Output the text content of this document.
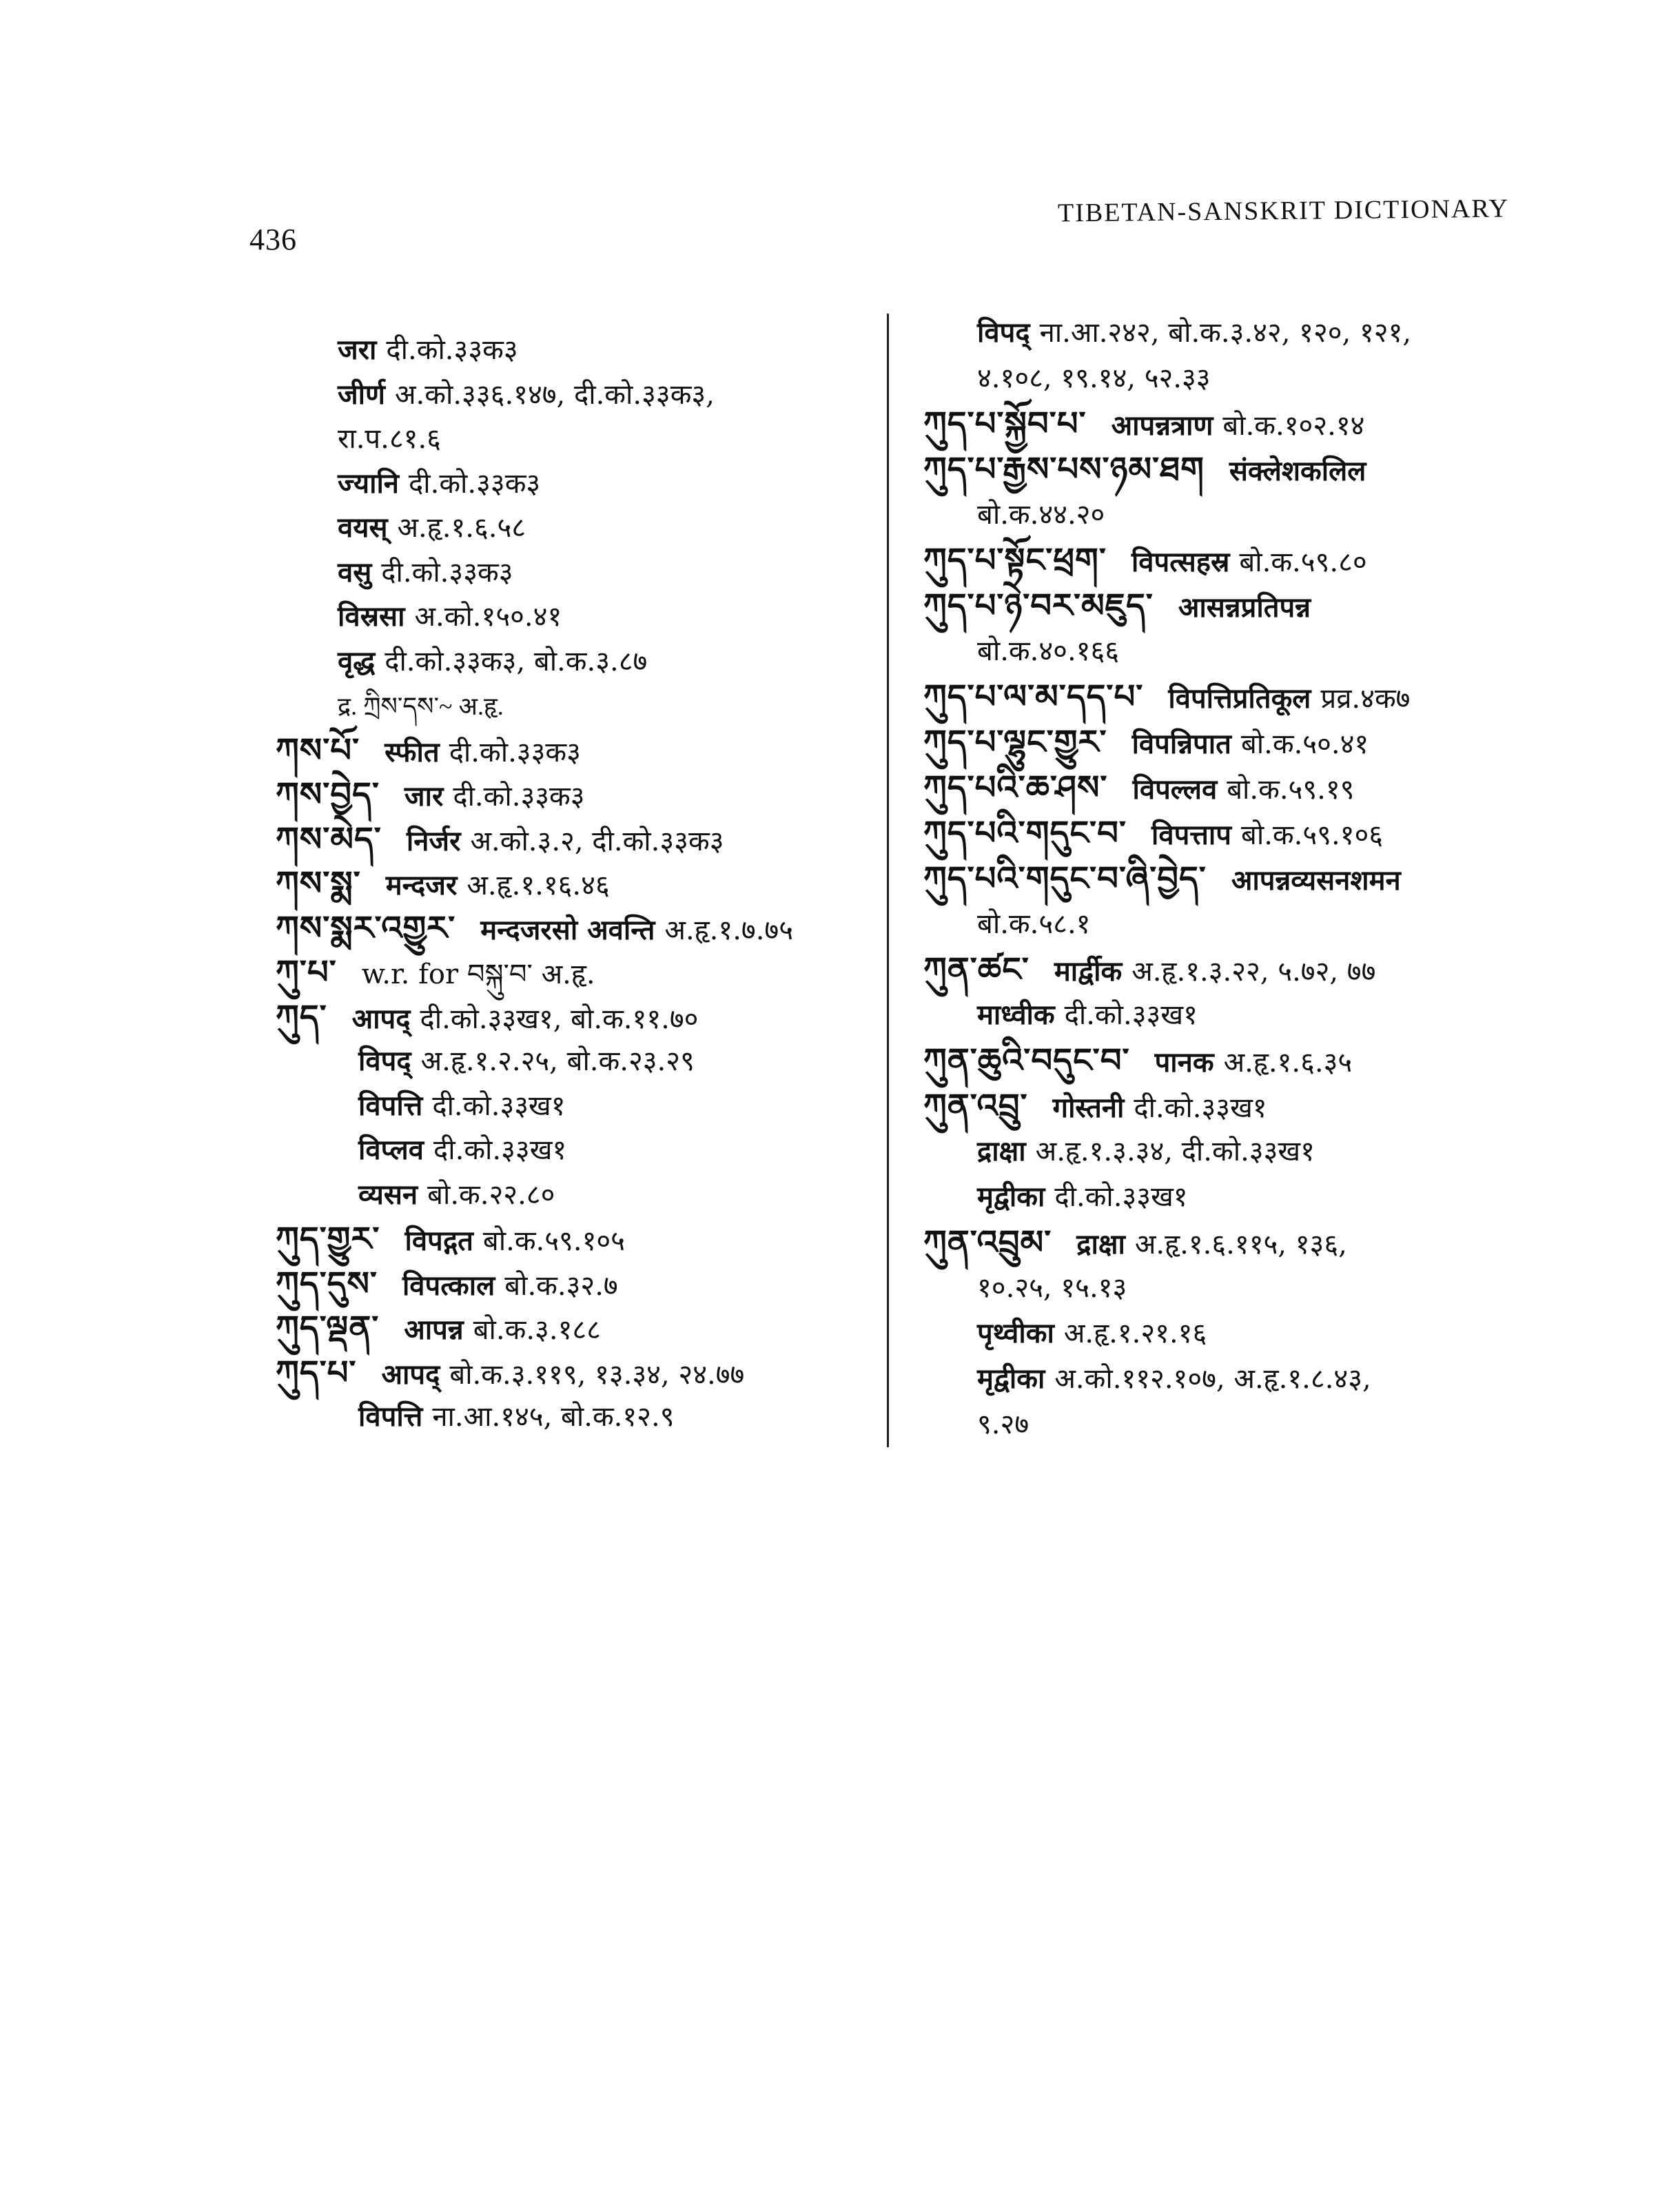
436
TIBETAN-SANSKRIT DICTIONARY
जरा दी.को.३३क३
जीर्ण अ.को.३३६.१४७, दी.को.३३क३,
रा.प.८१.६
ज्यानि दी.को.३३क३
वयस् अ.हृ.१.६.५८
वसु दी.को.३३क३
विस्रसा अ.को.१५०.४१
वृद्ध दी.को.३३क३, बो.क.३.८७
द्र. ཀྲིས་དས་~ अ.हृ.
ཀས་པོ་ स्फीत दी.को.३३क३
ཀས་བྱེད་ जार दी.को.३३क३
ཀས་མེད་ निर्जर अ.को.३.२, दी.को.३३क३
ཀས་སྨ་ मन्दजर अ.हृ.१.१६.४६
ཀས་སྨར་འགྱུར་ मन्दजरसो अवन्ति अ.हृ.१.७.७५
ཀུ་པ་ w.r. for བསྐུ་བ་ अ.हृ.
ཀུད་ आपद् दी.को.३३ख१, बो.क.११.७०
विपद् अ.हृ.१.२.२५, बो.क.२३.२९
विपत्ति दी.को.३३ख१
विप्लव दी.को.३३ख१
व्यसन बो.क.२२.८०
ཀུད་གྱུར་ विपद्गत बो.क.५९.१०५
ཀུད་དུས་ विपत्काल बो.क.३२.७
ཀུད་ལྡན་ आपन्न बो.क.३.१८८
ཀུད་པ་ आपद् बो.क.३.११९, १३.३४, २४.७७
विपत्ति ना.आ.१४५, बो.क.१२.९
विपद् ना.आ.२४२, बो.क.३.४२, १२०, १२१,
४.१०८, १९.१४, ५२.३३
ཀུད་པ་སྐྱོབ་པ་ आपन्नत्राण बो.क.१०२.१४
ཀུད་པ་རྒྱས་པས་ཉམ་ཐག संक्लेशकलिल
बो.क.४४.२०
ཀུད་པ་སྟོང་ཕྲག་ विपत्सहस्र बो.क.५९.८०
ཀུད་པ་ཉེ་བར་མཇུད་ आसन्नप्रतिपन्न
बो.क.४०.१६६
ཀུད་པ་ལ་མ་དད་པ་ विपत्तिप्रतिकूल प्रव्र.४क७
ཀུད་པ་ལྷུང་གྱུར་ विपन्निपात बो.क.५०.४१
ཀུད་པའི་ཆ་ཤས་ विपल्लव बो.क.५९.१९
ཀུད་པའི་གདུང་བ་ विपत्ताप बो.क.५९.१०६
ཀུད་པའི་གདུང་བ་ཞི་བྱེད་ आपन्नव्यसनशमन
बो.क.५८.१
ཀུན་ཚང་ मार्द्वीक अ.हृ.१.३.२२, ५.७२, ७७
माध्वीक दी.को.३३ख१
ཀུན་ཆུའི་བདུང་བ་ पानक अ.हृ.१.६.३५
ཀུན་འབྲུ་ गोस्तनी दी.को.३३ख१
द्राक्षा अ.हृ.१.३.३४, दी.को.३३ख१
मृद्वीका दी.को.३३ख१
ཀུན་འབྲུམ་ द्राक्षा अ.हृ.१.६.११५, १३६,
१०.२५, १५.१३
पृथ्वीका अ.हृ.१.२१.१६
मृद्वीका अ.को.११२.१०७, अ.हृ.१.८.४३,
९.२७
